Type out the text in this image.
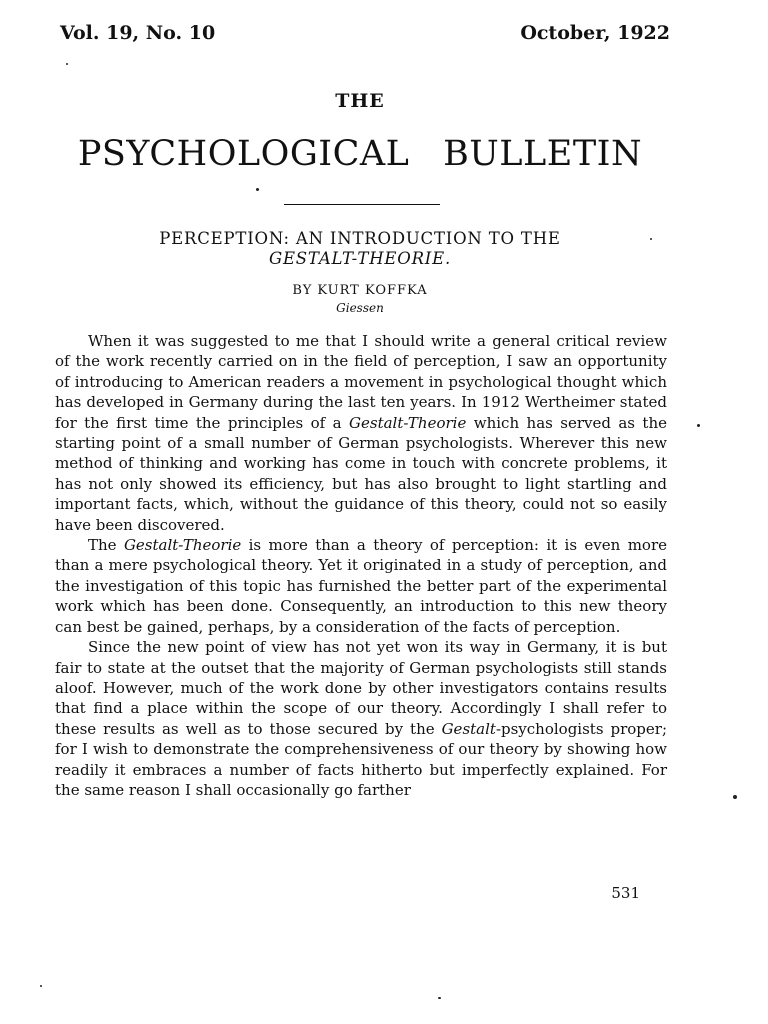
Vol. 19, No. 10	October, 1922
THE
PSYCHOLOGICAL BULLETIN
PERCEPTION: AN INTRODUCTION TO THE
GESTALT-THEORIE.
BY KURT KOFFKA
Giessen

When it was suggested to me that I should write a general critical review of the work recently carried on in the field of perception, I saw an opportunity of introducing to American readers a movement in psychological thought which has developed in Germany during the last ten years. In 1912 Wertheimer stated for the first time the principles of a Gestalt-Theorie which has served as the starting point of a small number of German psychologists. Wherever this new method of thinking and working has come in touch with concrete problems, it has not only showed its efficiency, but has also brought to light startling and important facts, which, without the guidance of this theory, could not so easily have been discovered.

The Gestalt-Theorie is more than a theory of perception: it is even more than a mere psychological theory. Yet it originated in a study of perception, and the investigation of this topic has furnished the better part of the experimental work which has been done. Consequently, an introduction to this new theory can best be gained, perhaps, by a consideration of the facts of perception.

Since the new point of view has not yet won its way in Germany, it is but fair to state at the outset that the majority of German psychologists still stands aloof. However, much of the work done by other investigators contains results that find a place within the scope of our theory. Accordingly I shall refer to these results as well as to those secured by the Gestalt-psychologists proper; for I wish to demonstrate the comprehensiveness of our theory by showing how readily it embraces a number of facts hitherto but imperfectly explained. For the same reason I shall occasionally go farther

531
